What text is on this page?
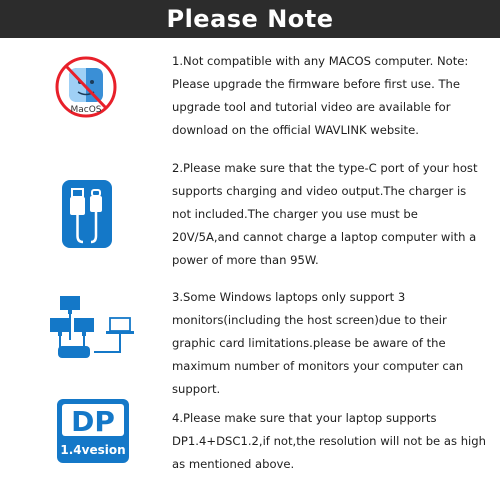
Please Note
MacOS

1.Not compatible with any MACOS computer. Note: Please upgrade the firmware before first use. The upgrade tool and tutorial video are available for download on the official WAVLINK website.

2.Please make sure that the type-C port of your host supports charging and video output.The charger is not included.The charger you use must be 20V/5A,and cannot charge a laptop computer with a power of more than 95W.

3.Some Windows laptops only support 3 monitors(including the host screen)due to their graphic card limitations.please be aware of the maximum number of monitors your computer can support.

DP
1.4vesion

4.Please make sure that your laptop supports DP1.4+DSC1.2,if not,the resolution will not be as high as mentioned above.
